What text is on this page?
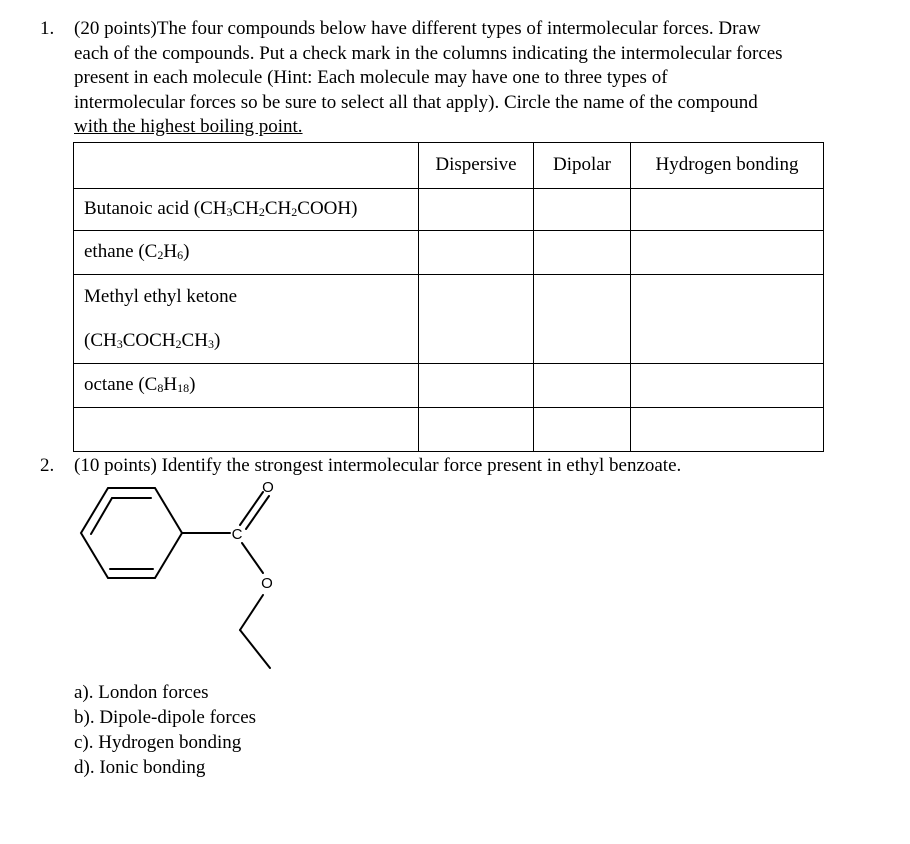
1. (20 points)The four compounds below have different types of intermolecular forces. Draw
each of the compounds. Put a check mark in the columns indicating the intermolecular forces
present in each molecule (Hint: Each molecule may have one to three types of
intermolecular forces so be sure to select all that apply). Circle the name of the compound
with the highest boiling point.
	Dispersive	Dipolar	Hydrogen bonding
Butanoic acid $(CH_3CH_2CH_2COOH)$			
ethane $(C_2H_6)$			

Methyl ethyl ketone
$(CH_3COCH_2CH_3)$			

octane $(C_8H_{18})$			

2. (10 points) Identify the strongest intermolecular force present in ethyl benzoate.
O
C
O
a). London forces
b). Dipole-dipole forces
c). Hydrogen bonding
d). Ionic bonding
